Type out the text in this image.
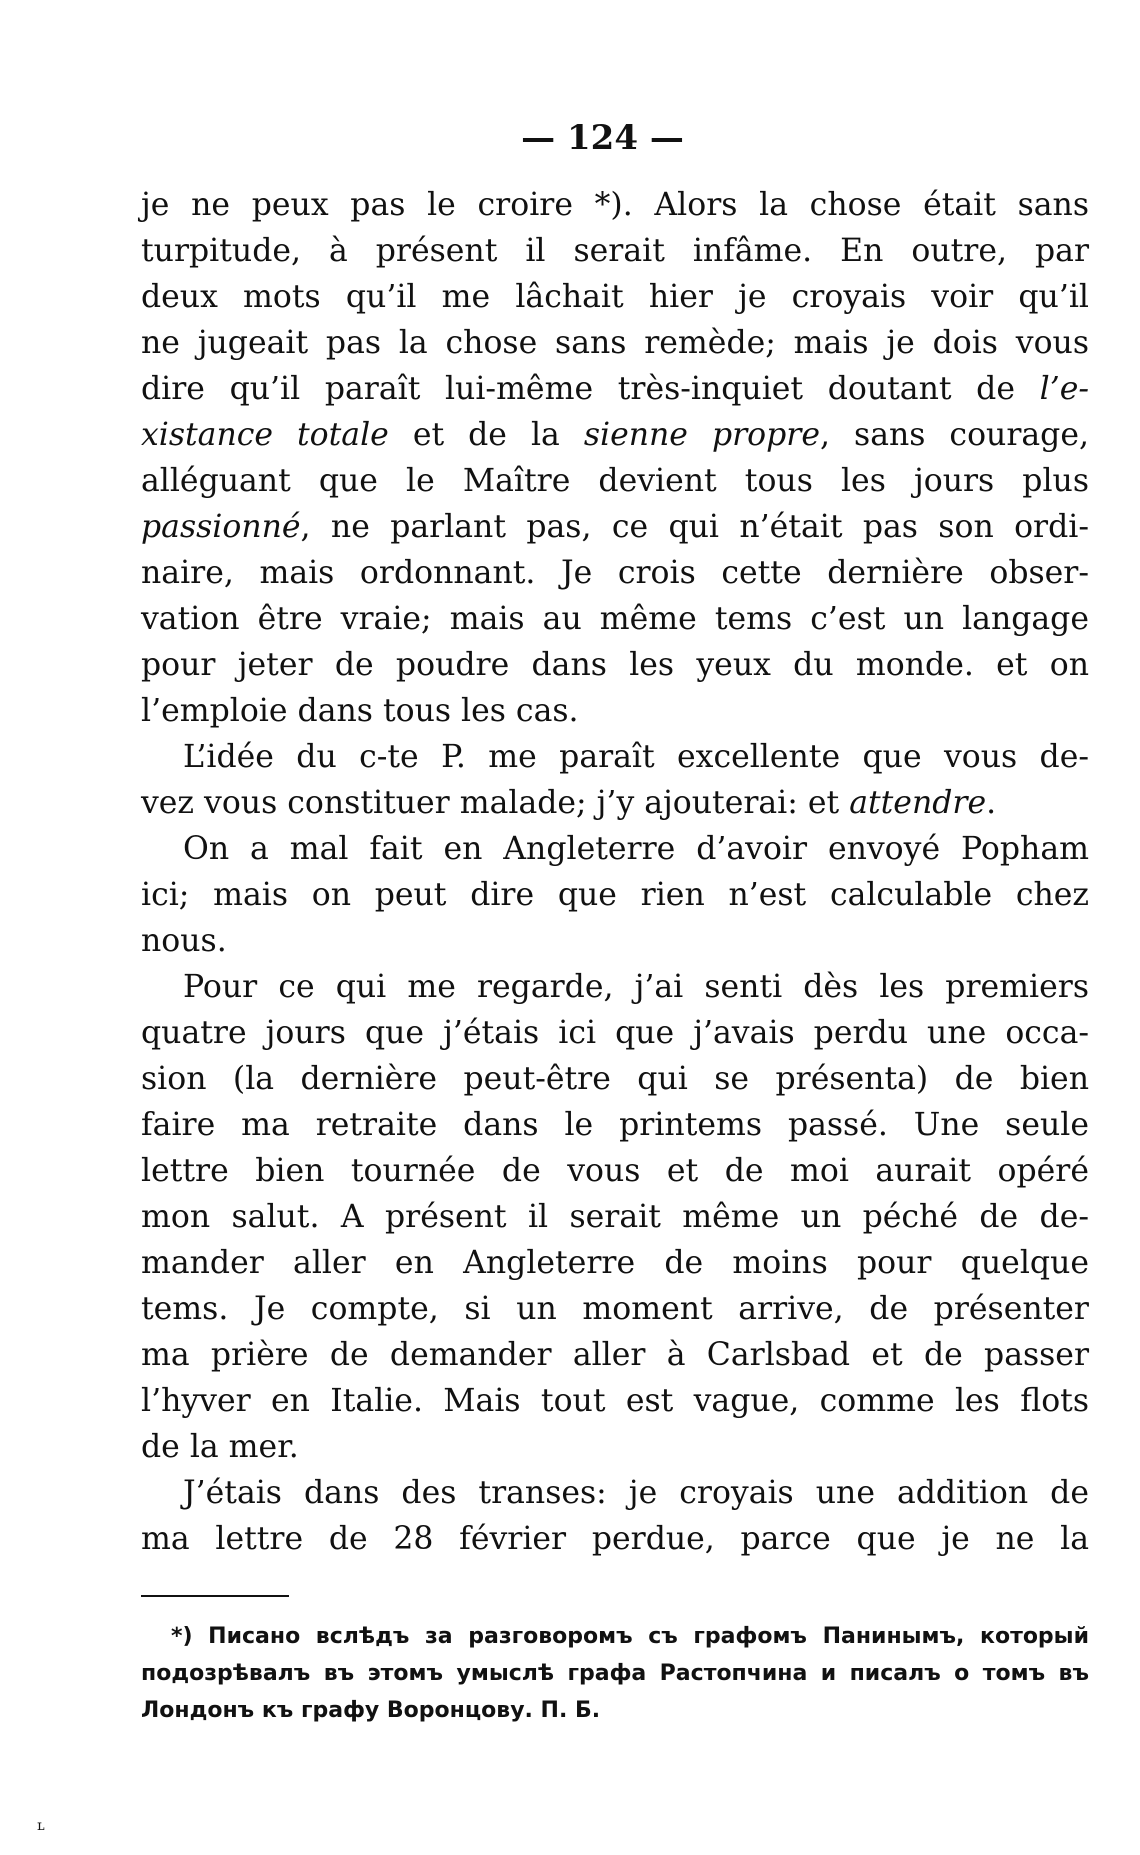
— 124 —
je ne peux pas le croire *). Alors la chose était sans
turpitude, à présent il serait infâme. En outre, par
deux mots qu’il me lâchait hier je croyais voir qu’il
ne jugeait pas la chose sans remède; mais je dois vous
dire qu’il paraît lui-même très-inquiet doutant de l’e-
xistance totale et de la sienne propre, sans courage,
alléguant que le Maître devient tous les jours plus
passionné, ne parlant pas, ce qui n’était pas son ordi-
naire, mais ordonnant. Je crois cette dernière obser-
vation être vraie; mais au même tems c’est un langage
pour jeter de poudre dans les yeux du monde. et on
l’emploie dans tous les cas.
L’idée du c-te P. me paraît excellente que vous de-
vez vous constituer malade; j’y ajouterai: et attendre.
On a mal fait en Angleterre d’avoir envoyé Popham
ici; mais on peut dire que rien n’est calculable chez
nous.
Pour ce qui me regarde, j’ai senti dès les premiers
quatre jours que j’étais ici que j’avais perdu une occa-
sion (la dernière peut-être qui se présenta) de bien
faire ma retraite dans le printems passé. Une seule
lettre bien tournée de vous et de moi aurait opéré
mon salut. A présent il serait même un péché de de-
mander aller en Angleterre de moins pour quelque
tems. Je compte, si un moment arrive, de présenter
ma prière de demander aller à Carlsbad et de passer
l’hyver en Italie. Mais tout est vague, comme les flots
de la mer.
J’étais dans des transes: je croyais une addition de
ma lettre de 28 février perdue, parce que je ne la
*) Писано вслѣдъ за разговоромъ съ графомъ Панинымъ, который
подозрѣвалъ въ этомъ умыслѣ графа Растопчина и писалъ о томъ въ
Лондонъ къ графу Воронцову. П. Б.
ʟ
